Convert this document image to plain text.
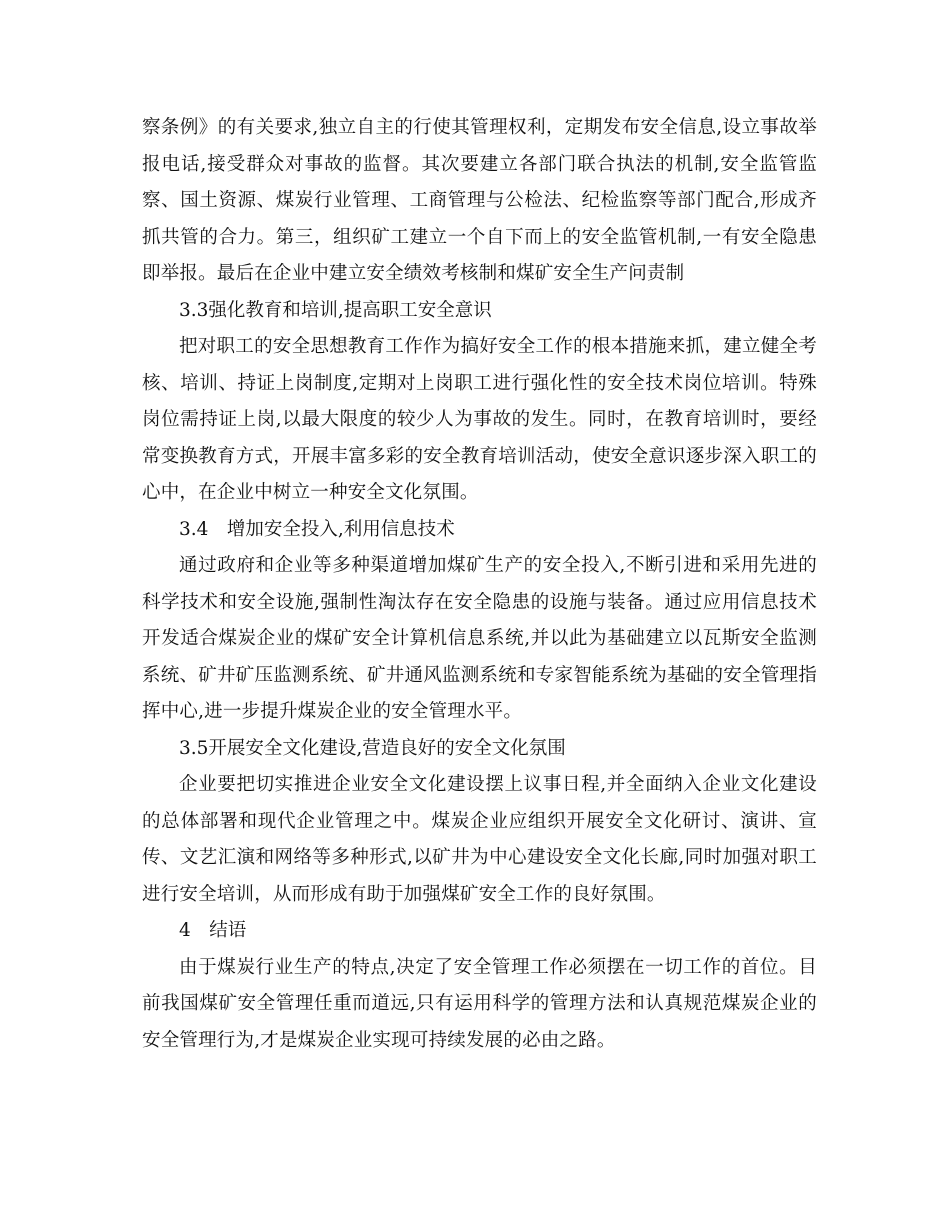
察条例》的有关要求,独立自主的行使其管理权利，定期发布安全信息,设立事故举报电话,接受群众对事故的监督。其次要建立各部门联合执法的机制,安全监管监察、国土资源、煤炭行业管理、工商管理与公检法、纪检监察等部门配合,形成齐抓共管的合力。第三，组织矿工建立一个自下而上的安全监管机制,一有安全隐患即举报。最后在企业中建立安全绩效考核制和煤矿安全生产问责制

3.3强化教育和培训,提高职工安全意识

把对职工的安全思想教育工作作为搞好安全工作的根本措施来抓，建立健全考核、培训、持证上岗制度,定期对上岗职工进行强化性的安全技术岗位培训。特殊岗位需持证上岗,以最大限度的较少人为事故的发生。同时，在教育培训时，要经常变换教育方式，开展丰富多彩的安全教育培训活动，使安全意识逐步深入职工的心中，在企业中树立一种安全文化氛围。

3.4　增加安全投入,利用信息技术

通过政府和企业等多种渠道增加煤矿生产的安全投入,不断引进和采用先进的科学技术和安全设施,强制性淘汰存在安全隐患的设施与装备。通过应用信息技术开发适合煤炭企业的煤矿安全计算机信息系统,并以此为基础建立以瓦斯安全监测系统、矿井矿压监测系统、矿井通风监测系统和专家智能系统为基础的安全管理指挥中心,进一步提升煤炭企业的安全管理水平。

3.5开展安全文化建设,营造良好的安全文化氛围

企业要把切实推进企业安全文化建设摆上议事日程,并全面纳入企业文化建设的总体部署和现代企业管理之中。煤炭企业应组织开展安全文化研讨、演讲、宣传、文艺汇演和网络等多种形式,以矿井为中心建设安全文化长廊,同时加强对职工进行安全培训，从而形成有助于加强煤矿安全工作的良好氛围。

4　结语

由于煤炭行业生产的特点,决定了安全管理工作必须摆在一切工作的首位。目前我国煤矿安全管理任重而道远,只有运用科学的管理方法和认真规范煤炭企业的安全管理行为,才是煤炭企业实现可持续发展的必由之路。
